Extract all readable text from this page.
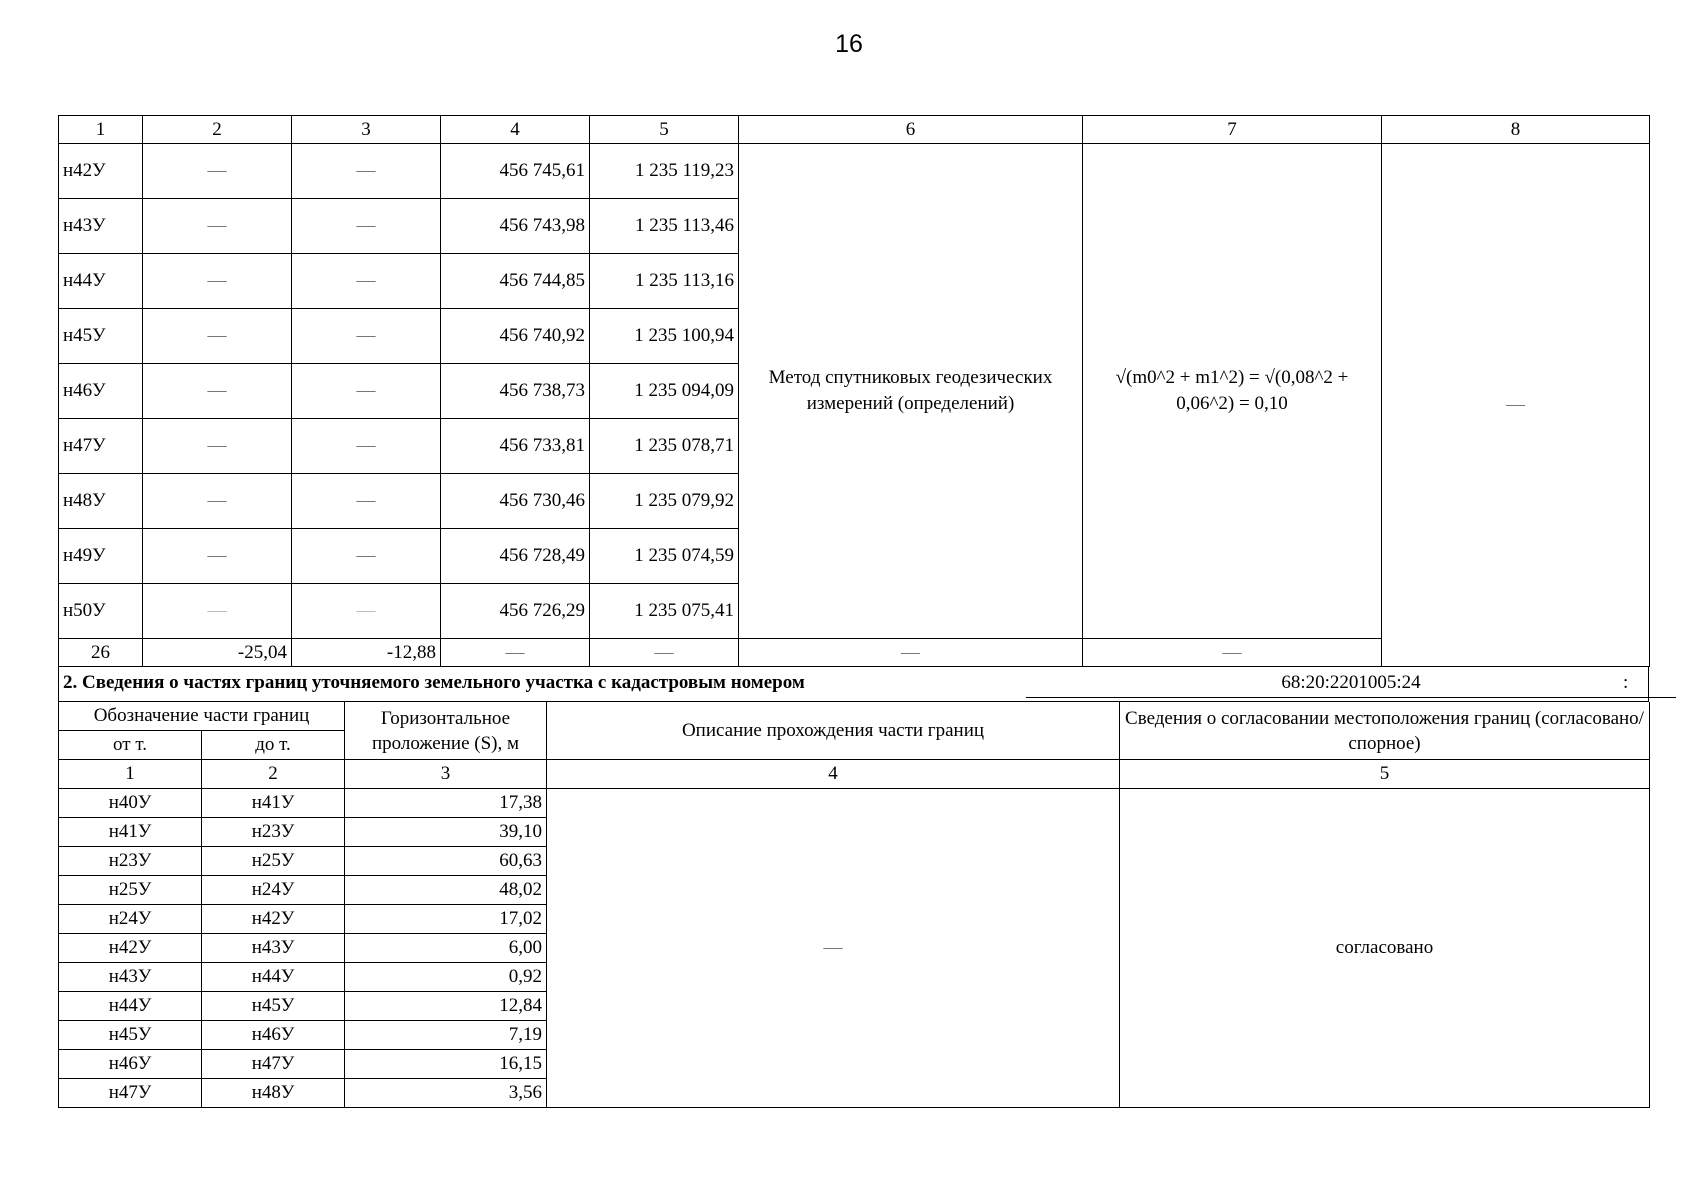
16
1	2	3	4	5	6	7	8
н42У	—	—	456 745,61	1 235 119,23	Метод спутниковых геодезических измерений (определений)	√(m0^2 + m1^2) = √(0,08^2 + 0,06^2) = 0,10	—
н43У	—	—	456 743,98	1 235 113,46			
н44У	—	—	456 744,85	1 235 113,16			
н45У	—	—	456 740,92	1 235 100,94			
н46У	—	—	456 738,73	1 235 094,09			
н47У	—	—	456 733,81	1 235 078,71			
н48У	—	—	456 730,46	1 235 079,92			
н49У	—	—	456 728,49	1 235 074,59			
н50У	—	—	456 726,29	1 235 075,41			
26	-25,04	-12,88	—	—	—	—	
2. Сведения о частях границ уточняемого земельного участка с кадастровым номером	68:20:2201005:24	:
Обозначение части границ		Горизонтальное проложение (S), м	Описание прохождения части границ	Сведения о согласовании местоположения границ (согласовано/спорное)
от т.	до т.			
1	2	3	4	5
н40У	н41У	17,38	—	согласовано
н41У	н23У	39,10		
н23У	н25У	60,63		
н25У	н24У	48,02		
н24У	н42У	17,02		
н42У	н43У	6,00		
н43У	н44У	0,92		
н44У	н45У	12,84		
н45У	н46У	7,19		
н46У	н47У	16,15		
н47У	н48У	3,56		
